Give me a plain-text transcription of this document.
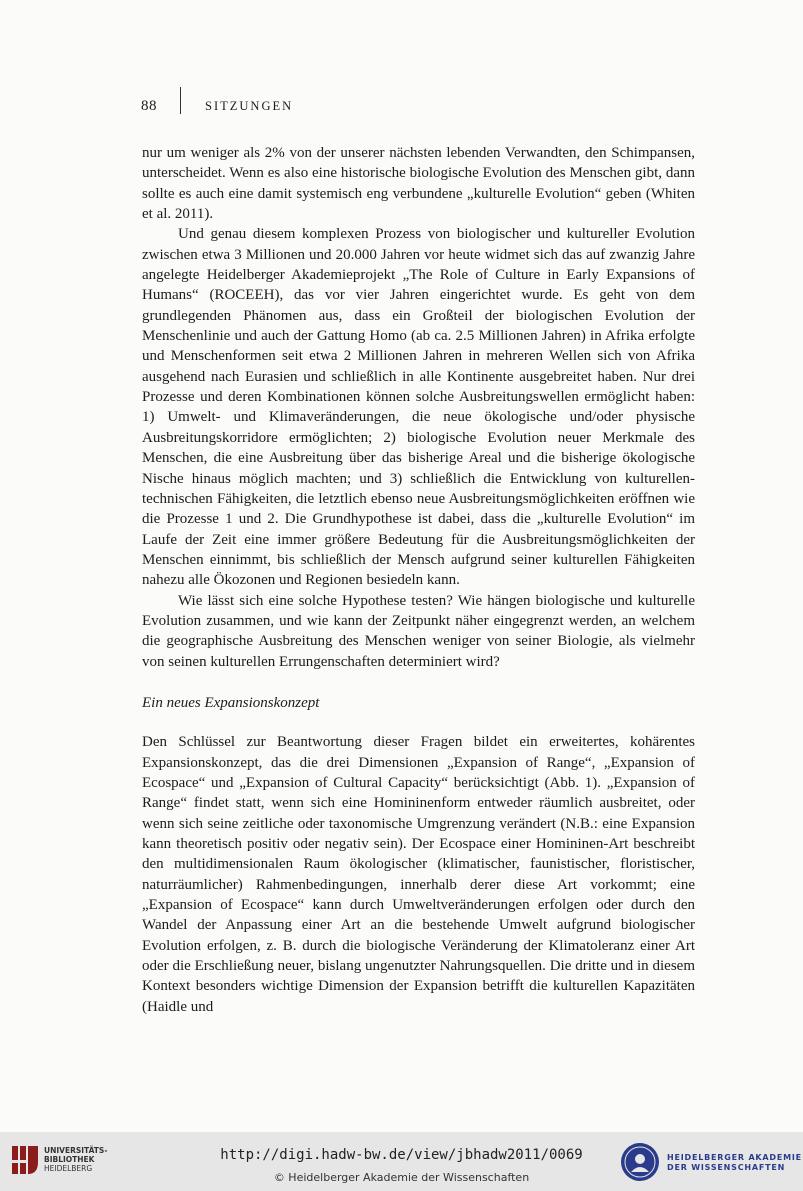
88	SITZUNGEN

nur um weniger als 2% von der unserer nächsten lebenden Verwandten, den Schimpansen, unterscheidet. Wenn es also eine historische biologische Evolution des Menschen gibt, dann sollte es auch eine damit systemisch eng verbundene „kulturelle Evolution“ geben (Whiten et al. 2011).

Und genau diesem komplexen Prozess von biologischer und kultureller Evolution zwischen etwa 3 Millionen und 20.000 Jahren vor heute widmet sich das auf zwanzig Jahre angelegte Heidelberger Akademieprojekt „The Role of Culture in Early Expansions of Humans“ (ROCEEH), das vor vier Jahren eingerichtet wurde. Es geht von dem grundlegenden Phänomen aus, dass ein Großteil der biologischen Evolution der Menschenlinie und auch der Gattung Homo (ab ca. 2.5 Millionen Jahren) in Afrika erfolgte und Menschenformen seit etwa 2 Millionen Jahren in mehreren Wellen sich von Afrika ausgehend nach Eurasien und schließlich in alle Kontinente ausgebreitet haben. Nur drei Prozesse und deren Kombinationen können solche Ausbreitungswellen ermöglicht haben: 1) Umwelt- und Klimaveränderungen, die neue ökologische und/oder physische Ausbreitungskorridore ermöglichten; 2) biologische Evolution neuer Merkmale des Menschen, die eine Ausbreitung über das bisherige Areal und die bisherige ökologische Nische hinaus möglich machten; und 3) schließlich die Entwicklung von kulturellen-technischen Fähigkeiten, die letztlich ebenso neue Ausbreitungsmöglichkeiten eröffnen wie die Prozesse 1 und 2. Die Grundhypothese ist dabei, dass die „kulturelle Evolution“ im Laufe der Zeit eine immer größere Bedeutung für die Ausbreitungsmöglichkeiten der Menschen einnimmt, bis schließlich der Mensch aufgrund seiner kulturellen Fähigkeiten nahezu alle Ökozonen und Regionen besiedeln kann.

Wie lässt sich eine solche Hypothese testen? Wie hängen biologische und kulturelle Evolution zusammen, und wie kann der Zeitpunkt näher eingegrenzt werden, an welchem die geographische Ausbreitung des Menschen weniger von seiner Biologie, als vielmehr von seinen kulturellen Errungenschaften determiniert wird?

Ein neues Expansionskonzept

Den Schlüssel zur Beantwortung dieser Fragen bildet ein erweitertes, kohärentes Expansionskonzept, das die drei Dimensionen „Expansion of Range“, „Expansion of Ecospace“ und „Expansion of Cultural Capacity“ berücksichtigt (Abb. 1). „Expansion of Range“ findet statt, wenn sich eine Homininenform entweder räumlich ausbreitet, oder wenn sich seine zeitliche oder taxonomische Umgrenzung verändert (N.B.: eine Expansion kann theoretisch positiv oder negativ sein). Der Ecospace einer Homininen-Art beschreibt den multidimensionalen Raum ökologischer (klimatischer, faunistischer, floristischer, naturräumlicher) Rahmenbedingungen, innerhalb derer diese Art vorkommt; eine „Expansion of Ecospace“ kann durch Umweltveränderungen erfolgen oder durch den Wandel der Anpassung einer Art an die bestehende Umwelt aufgrund biologischer Evolution erfolgen, z. B. durch die biologische Veränderung der Klimatoleranz einer Art oder die Erschließung neuer, bislang ungenutzter Nahrungsquellen. Die dritte und in diesem Kontext besonders wichtige Dimension der Expansion betrifft die kulturellen Kapazitäten (Haidle und

UNIVERSITÄTS-
BIBLIOTHEK
HEIDELBERG
http://digi.hadw-bw.de/view/jbhadw2011/0069
© Heidelberger Akademie der Wissenschaften
HEIDELBERGER AKADEMIE
DER WISSENSCHAFTEN
